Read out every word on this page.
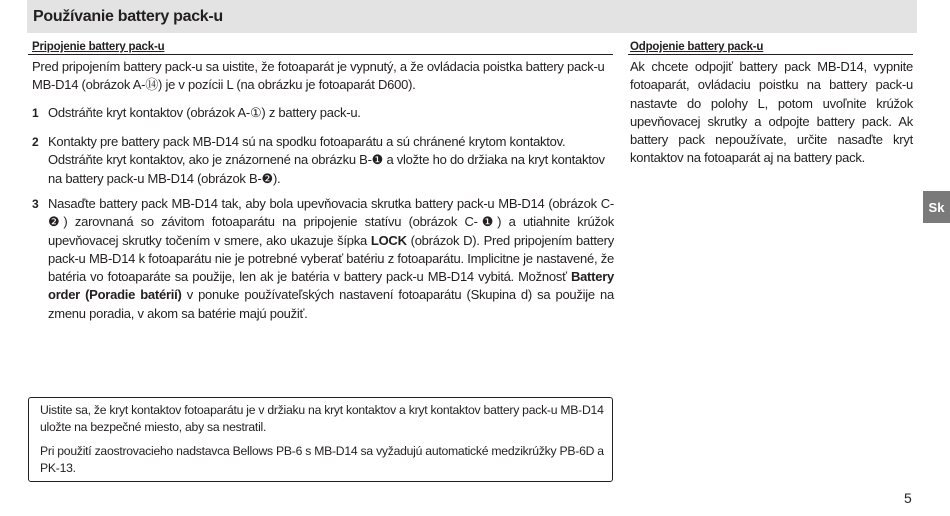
Používanie battery pack-u
Pripojenie battery pack-u

Pred pripojením battery pack-u sa uistite, že fotoaparát je vypnutý, a že ovládacia poistka battery pack-u MB-D14 (obrázok A-⑭) je v pozícii L (na obrázku je fotoaparát D600).

1 Odstráňte kryt kontaktov (obrázok A-①) z battery pack-u.

2 Kontakty pre battery pack MB-D14 sú na spodku fotoaparátu a sú chránené krytom kontaktov. Odstráňte kryt kontaktov, ako je znázornené na obrázku B-❶ a vložte ho do držiaka na kryt kontaktov na battery pack-u MB-D14 (obrázok B-❷).

3 Nasaďte battery pack MB-D14 tak, aby bola upevňovacia skrutka battery pack-u MB-D14 (obrázok C-❷) zarovnaná so závitom fotoaparátu na pripojenie statívu (obrázok C-❶) a utiahnite krúžok upevňovacej skrutky točením v smere, ako ukazuje šípka LOCK (obrázok D). Pred pripojením battery pack-u MB-D14 k fotoaparátu nie je potrebné vyberať batériu z fotoaparátu. Implicitne je nastavené, že batéria vo fotoaparáte sa použije, len ak je batéria v battery pack-u MB-D14 vybitá. Možnosť Battery order (Poradie batérií) v ponuke používateľských nastavení fotoaparátu (Skupina d) sa použije na zmenu poradia, v akom sa batérie majú použiť.

Odpojenie battery pack-u

Ak chcete odpojiť battery pack MB-D14, vypnite fotoaparát, ovládaciu poistku na battery pack-u nastavte do polohy L, potom uvoľnite krúžok upevňovacej skrutky a odpojte battery pack. Ak battery pack nepoužívate, určite nasaďte kryt kontaktov na fotoaparát aj na battery pack.

Uistite sa, že kryt kontaktov fotoaparátu je v držiaku na kryt kontaktov a kryt kontaktov battery pack-u MB-D14 uložte na bezpečné miesto, aby sa nestratil.

Pri použití zaostrovacieho nadstavca Bellows PB-6 s MB-D14 sa vyžadujú automatické medzikrúžky PB-6D a PK-13.

Sk
5
